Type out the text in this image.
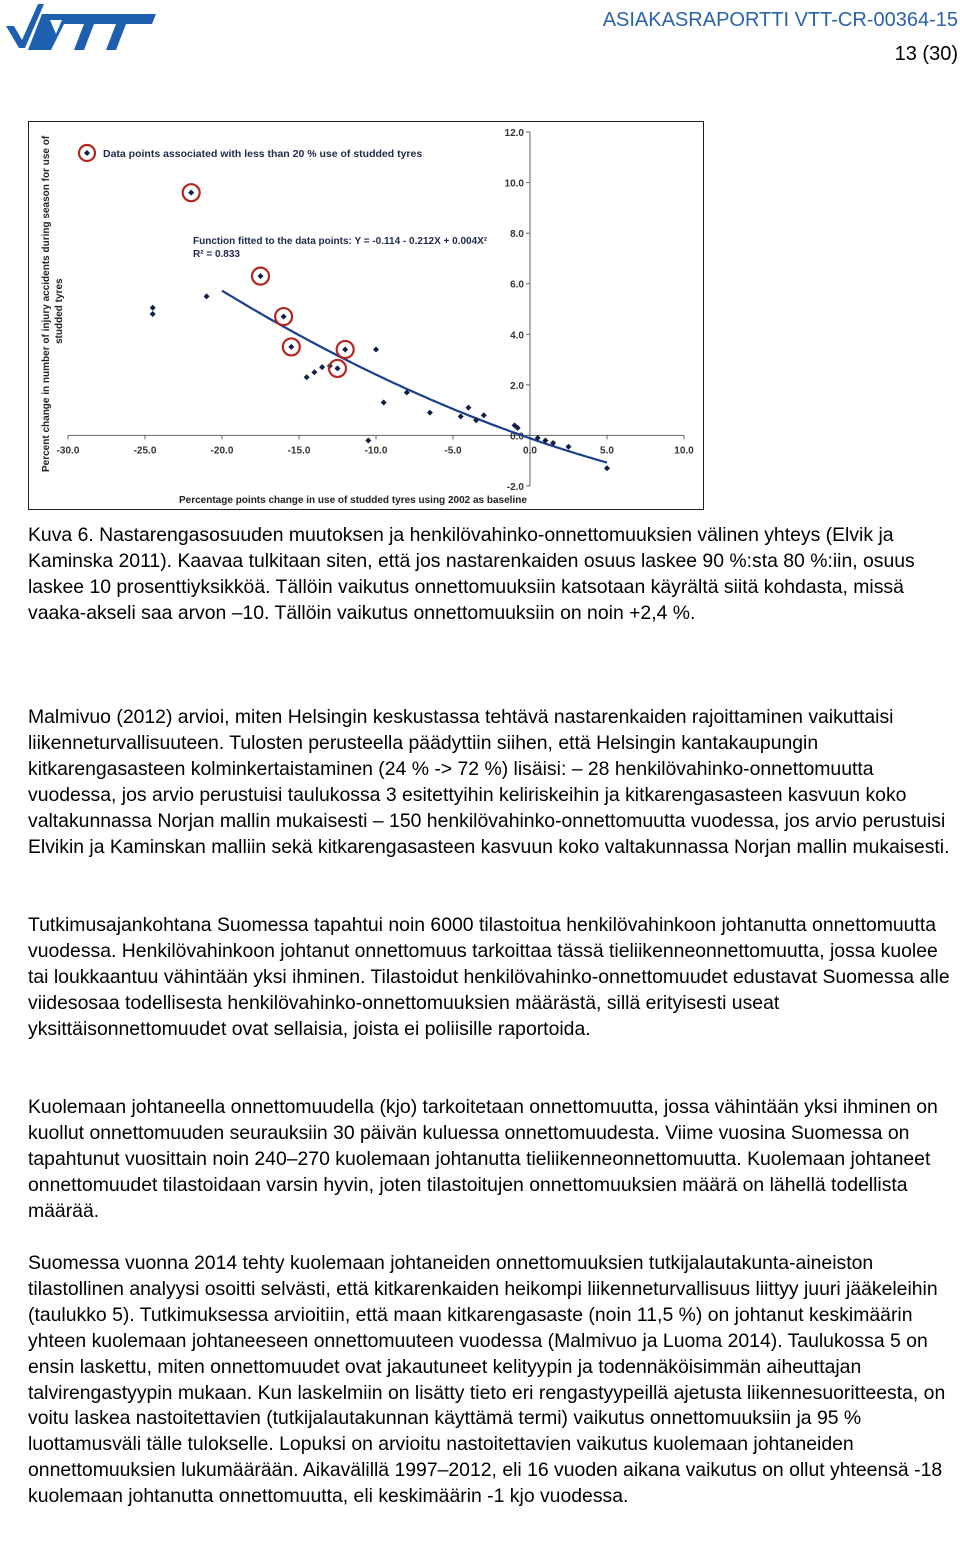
ASIAKASRAPORTTI VTT-CR-00364-15
13 (30)
Percent change in number of injury accidents during season for use of studded tyres
Data points associated with less than 20 % use of studded tyres
Function fitted to the data points: Y = -0.114 - 0.212X + 0.004X²
R² = 0.833
Percentage points change in use of studded tyres using 2002 as baseline
-30.0	-25.0	-20.0	-15.0	-10.0	-5.0	0.0	5.0	10.0
-2.0
0.0
2.0
4.0
6.0
8.0
10.0
12.0

Kuva 6. Nastarengasosuuden muutoksen ja henkilövahinko-onnettomuuksien välinen yhteys (Elvik ja Kaminska 2011). Kaavaa tulkitaan siten, että jos nastarenkaiden osuus laskee 90 %:sta 80 %:iin, osuus laskee 10 prosenttiyksikköä. Tällöin vaikutus onnettomuuksiin katsotaan käyrältä siitä kohdasta, missä vaaka-akseli saa arvon –10. Tällöin vaikutus onnettomuuksiin on noin +2,4 %.

Malmivuo (2012) arvioi, miten Helsingin keskustassa tehtävä nastarenkaiden rajoittaminen vaikuttaisi liikenneturvallisuuteen. Tulosten perusteella päädyttiin siihen, että Helsingin kantakaupungin kitkarengasasteen kolminkertaistaminen (24 % -> 72 %) lisäisi: – 28 henkilövahinko-onnettomuutta vuodessa, jos arvio perustuisi taulukossa 3 esitettyihin keliriskeihin ja kitkarengasasteen kasvuun koko valtakunnassa Norjan mallin mukaisesti – 150 henkilövahinko-onnettomuutta vuodessa, jos arvio perustuisi Elvikin ja Kaminskan malliin sekä kitkarengasasteen kasvuun koko valtakunnassa Norjan mallin mukaisesti.

Tutkimusajankohtana Suomessa tapahtui noin 6000 tilastoitua henkilövahinkoon johtanutta onnettomuutta vuodessa. Henkilövahinkoon johtanut onnettomuus tarkoittaa tässä tieliikenneonnettomuutta, jossa kuolee tai loukkaantuu vähintään yksi ihminen. Tilastoidut henkilövahinko-onnettomuudet edustavat Suomessa alle viidesosaa todellisesta henkilövahinko-onnettomuuksien määrästä, sillä erityisesti useat yksittäisonnettomuudet ovat sellaisia, joista ei poliisille raportoida.

Kuolemaan johtaneella onnettomuudella (kjo) tarkoitetaan onnettomuutta, jossa vähintään yksi ihminen on kuollut onnettomuuden seurauksiin 30 päivän kuluessa onnettomuudesta. Viime vuosina Suomessa on tapahtunut vuosittain noin 240–270 kuolemaan johtanutta tieliikenneonnettomuutta. Kuolemaan johtaneet onnettomuudet tilastoidaan varsin hyvin, joten tilastoitujen onnettomuuksien määrä on lähellä todellista määrää.

Suomessa vuonna 2014 tehty kuolemaan johtaneiden onnettomuuksien tutkijalautakunta-aineiston tilastollinen analyysi osoitti selvästi, että kitkarenkaiden heikompi liikenneturvallisuus liittyy juuri jääkeleihin (taulukko 5). Tutkimuksessa arvioitiin, että maan kitkarengasaste (noin 11,5 %) on johtanut keskimäärin yhteen kuolemaan johtaneeseen onnettomuuteen vuodessa (Malmivuo ja Luoma 2014). Taulukossa 5 on ensin laskettu, miten onnettomuudet ovat jakautuneet kelityypin ja todennäköisimmän aiheuttajan talvirengastyypin mukaan. Kun laskelmiin on lisätty tieto eri rengastyypeillä ajetusta liikennesuoritteesta, on voitu laskea nastoitettavien (tutkijalautakunnan käyttämä termi) vaikutus onnettomuuksiin ja 95 % luottamusväli tälle tulokselle. Lopuksi on arvioitu nastoitettavien vaikutus kuolemaan johtaneiden onnettomuuksien lukumäärään. Aikavälillä 1997–2012, eli 16 vuoden aikana vaikutus on ollut yhteensä -18 kuolemaan johtanutta onnettomuutta, eli keskimäärin -1 kjo vuodessa.
